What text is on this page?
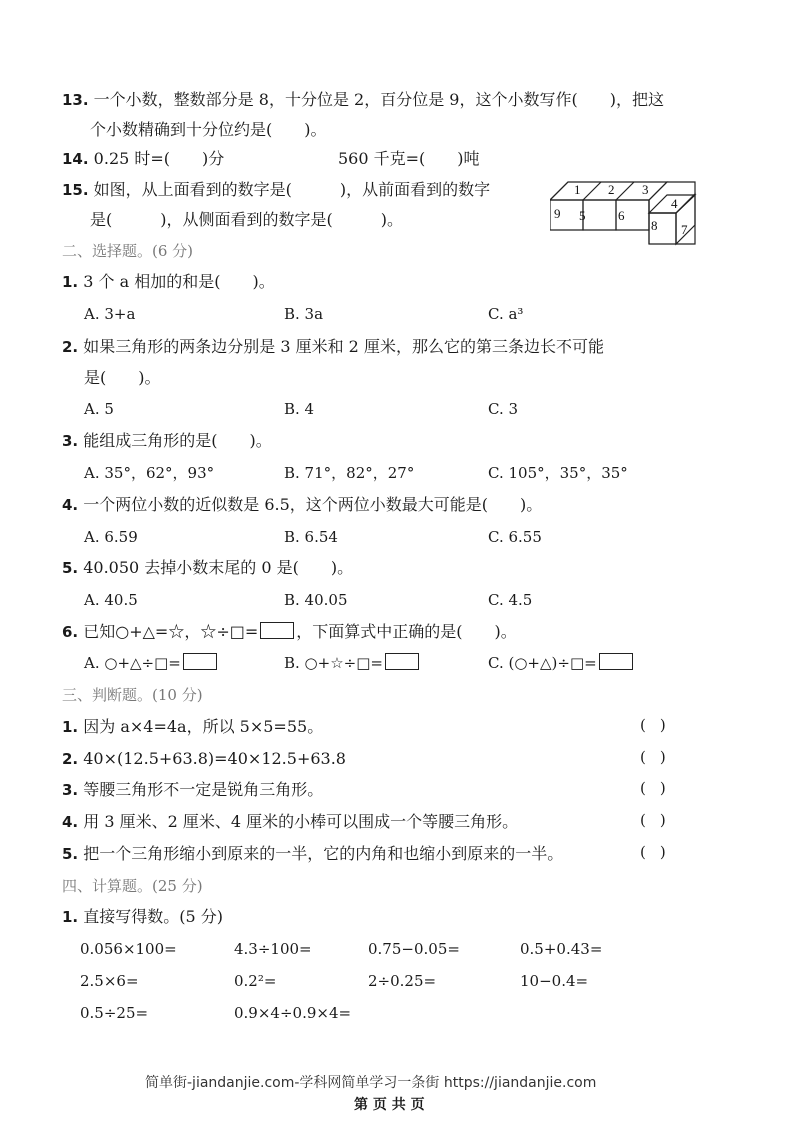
13. 一个小数，整数部分是 8，十分位是 2，百分位是 9，这个小数写作(　　)，把这
个小数精确到十分位约是(　　)。
14. 0.25 时=(　　)分	560 千克=(　　)吨
15. 如图，从上面看到的数字是(　　　)，从前面看到的数字
是(　　　)，从侧面看到的数字是(　　　)。
1 2 3
4
9 5	6
8 7
二、选择题。(6 分)
1. 3 个 a 相加的和是(　　)。
A. 3+a	B. 3a	C. a³
2. 如果三角形的两条边分别是 3 厘米和 2 厘米，那么它的第三条边长不可能
是(　　)。
A. 5	B. 4	C. 3
3. 能组成三角形的是(　　)。
A. 35°，62°，93°	B. 71°，82°，27°	C. 105°，35°，35°
4. 一个两位小数的近似数是 6.5，这个两位小数最大可能是(　　)。
A. 6.59	B. 6.54	C. 6.55
5. 40.050 去掉小数末尾的 0 是(　　)。
A. 40.5	B. 40.05	C. 4.5
6. 已知○+△=☆，☆÷□= ，下面算式中正确的是(　　)。
A. ○+△÷□=	B. ○+☆÷□=	C. (○+△)÷□=
三、判断题。(10 分)
1. 因为 a×4=4a，所以 5×5=55。	()
2. 40×(12.5+63.8)=40×12.5+63.8	()
3. 等腰三角形不一定是锐角三角形。	()
4. 用 3 厘米、2 厘米、4 厘米的小棒可以围成一个等腰三角形。	()
5. 把一个三角形缩小到原来的一半，它的内角和也缩小到原来的一半。	()
四、计算题。(25 分)
1. 直接写得数。(5 分)
0.056×100=	4.3÷100=	0.75−0.05=	0.5+0.43=
2.5×6=	0.2²=	2÷0.25=	10−0.4=
0.5÷25=	0.9×4÷0.9×4=
简单街-jiandanjie.com-学科网简单学习一条街 https://jiandanjie.com
第 页 共 页
